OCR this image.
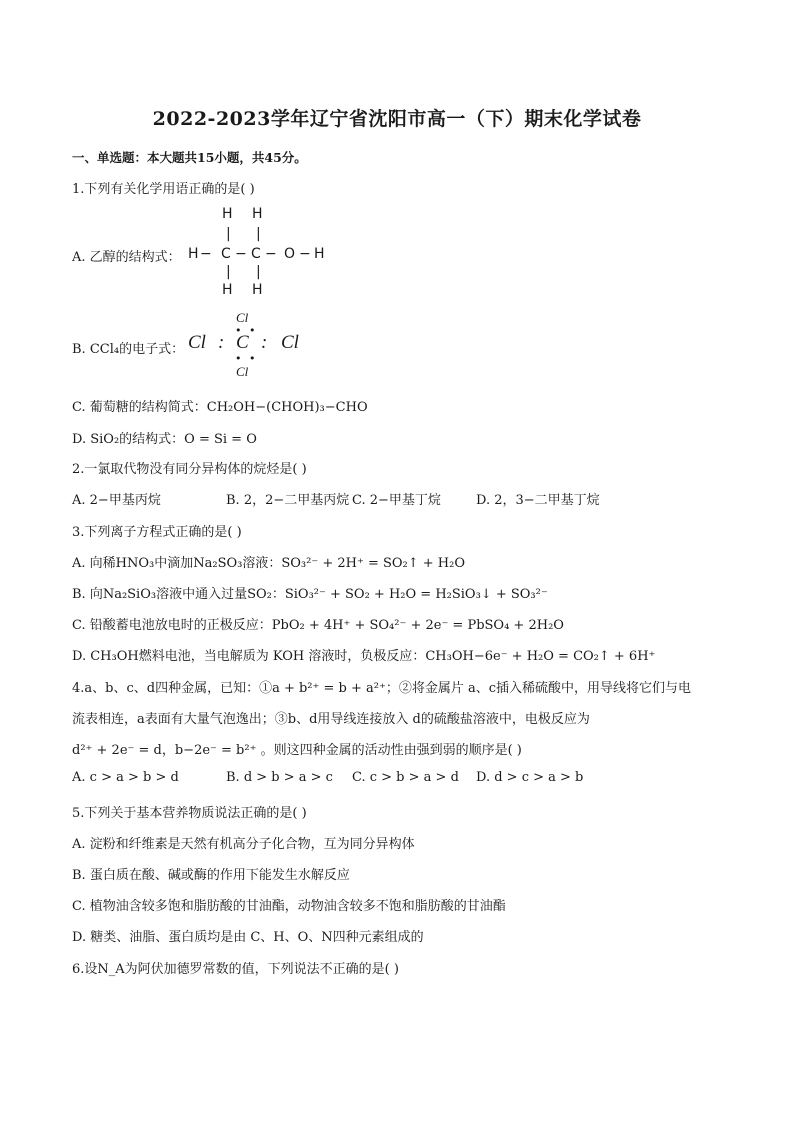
2022-2023学年辽宁省沈阳市高一（下）期末化学试卷
一、单选题：本大题共15小题，共45分。
1.下列有关化学用语正确的是( )
A. 乙醇的结构式：
H H
| |
H − C − C − O − H
| |
H H
B. CCl₄的电子式：
Cl
• •
Cl : C : Cl
• •
Cl
C. 葡萄糖的结构简式：CH₂OH−(CHOH)₃−CHO
D. SiO₂的结构式：O = Si = O
2.一氯取代物没有同分异构体的烷烃是( )
A. 2−甲基丙烷	B. 2，2−二甲基丙烷 C. 2−甲基丁烷	D. 2，3−二甲基丁烷
3.下列离子方程式正确的是( )
A. 向稀HNO₃中滴加Na₂SO₃溶液：SO₃²⁻ + 2H⁺ = SO₂↑ + H₂O
B. 向Na₂SiO₃溶液中通入过量SO₂：SiO₃²⁻ + SO₂ + H₂O = H₂SiO₃↓ + SO₃²⁻
C. 铅酸蓄电池放电时的正极反应：PbO₂ + 4H⁺ + SO₄²⁻ + 2e⁻ = PbSO₄ + 2H₂O
D. CH₃OH燃料电池，当电解质为 KOH 溶液时，负极反应：CH₃OH−6e⁻ + H₂O = CO₂↑ + 6H⁺
4.a、b、c、d四种金属，已知：①a + b²⁺ = b + a²⁺；②将金属片 a、c插入稀硫酸中，用导线将它们与电
流表相连，a表面有大量气泡逸出；③b、d用导线连接放入 d的硫酸盐溶液中，电极反应为
d²⁺ + 2e⁻ = d，b−2e⁻ = b²⁺ 。则这四种金属的活动性由强到弱的顺序是( )
A. c > a > b > d	B. d > b > a > c C. c > b > a > d D. d > c > a > b
5.下列关于基本营养物质说法正确的是( )
A. 淀粉和纤维素是天然有机高分子化合物，互为同分异构体
B. 蛋白质在酸、碱或酶的作用下能发生水解反应
C. 植物油含较多饱和脂肪酸的甘油酯，动物油含较多不饱和脂肪酸的甘油酯
D. 糖类、油脂、蛋白质均是由 C、H、O、N四种元素组成的
6.设N_A为阿伏加德罗常数的值，下列说法不正确的是( )
